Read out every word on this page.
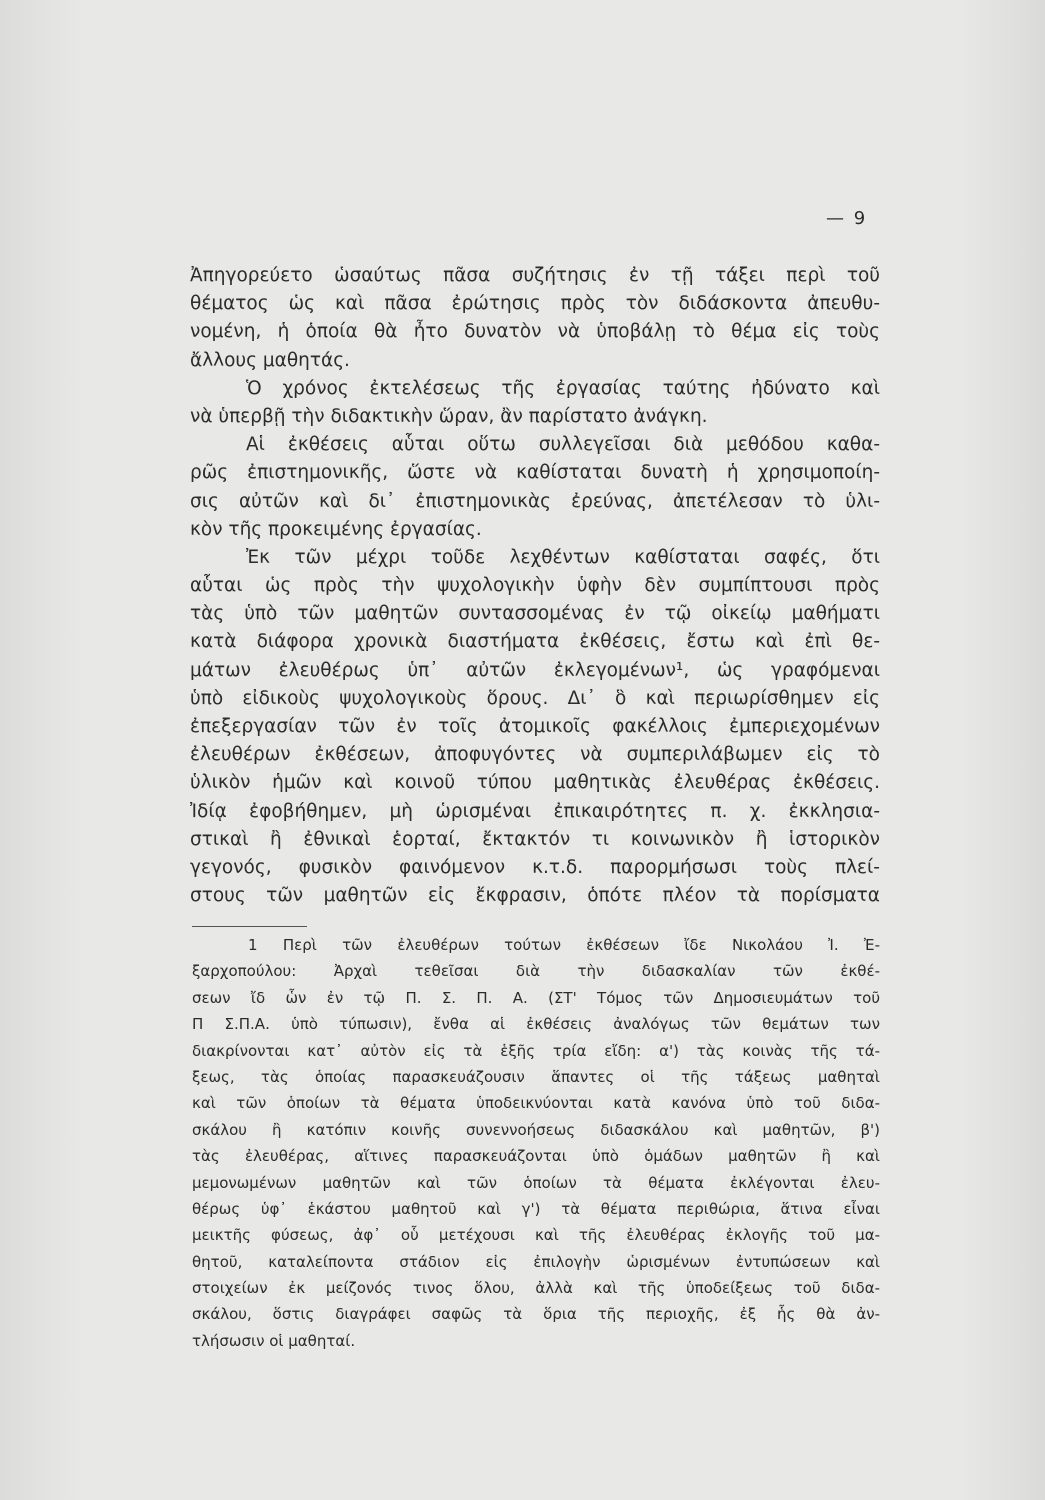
— 9
Ἀπηγορεύετο ὡσαύτως πᾶσα συζήτησις ἐν τῇ τάξει περὶ τοῦ
θέματος ὡς καὶ πᾶσα ἐρώτησις πρὸς τὸν διδάσκοντα ἀπευθυ-
νομένη, ἡ ὁποία θὰ ἦτο δυνατὸν νὰ ὑποβάλῃ τὸ θέμα εἰς τοὺς
ἄλλους μαθητάς.
Ὁ χρόνος ἐκτελέσεως τῆς ἐργασίας ταύτης ἠδύνατο καὶ
νὰ ὑπερβῇ τὴν διδακτικὴν ὥραν, ἂν παρίστατο ἀνάγκη.
Αἱ ἐκθέσεις αὗται οὕτω συλλεγεῖσαι διὰ μεθόδου καθα-
ρῶς ἐπιστημονικῆς, ὥστε νὰ καθίσταται δυνατὴ ἡ χρησιμοποίη-
σις αὐτῶν καὶ δι᾿ ἐπιστημονικὰς ἐρεύνας, ἀπετέλεσαν τὸ ὑλι-
κὸν τῆς προκειμένης ἐργασίας.
Ἐκ τῶν μέχρι τοῦδε λεχθέντων καθίσταται σαφές, ὅτι
αὗται ὡς πρὸς τὴν ψυχολογικὴν ὑφὴν δὲν συμπίπτουσι πρὸς
τὰς ὑπὸ τῶν μαθητῶν συντασσομένας ἐν τῷ οἰκείῳ μαθήματι
κατὰ διάφορα χρονικὰ διαστήματα ἐκθέσεις, ἔστω καὶ ἐπὶ θε-
μάτων ἐλευθέρως ὑπ᾿ αὐτῶν ἐκλεγομένων¹, ὡς γραφόμεναι
ὑπὸ εἰδικοὺς ψυχολογικοὺς ὅρους. Δι᾿ ὃ καὶ περιωρίσθημεν εἰς
ἐπεξεργασίαν τῶν ἐν τοῖς ἀτομικοῖς φακέλλοις ἐμπεριεχομένων
ἐλευθέρων ἐκθέσεων, ἀποφυγόντες νὰ συμπεριλάβωμεν εἰς τὸ
ὑλικὸν ἡμῶν καὶ κοινοῦ τύπου μαθητικὰς ἐλευθέρας ἐκθέσεις.
Ἰδίᾳ ἐφοβήθημεν, μὴ ὡρισμέναι ἐπικαιρότητες π. χ. ἐκκλησια-
στικαὶ ἢ ἐθνικαὶ ἑορταί, ἔκτακτόν τι κοινωνικὸν ἢ ἱστορικὸν
γεγονός, φυσικὸν φαινόμενον κ.τ.δ. παρορμήσωσι τοὺς πλεί-
στους τῶν μαθητῶν εἰς ἔκφρασιν, ὁπότε πλέον τὰ πορίσματα
1 Περὶ τῶν ἐλευθέρων τούτων ἐκθέσεων ἴδε Νικολάου Ἰ. Ἐ-
ξαρχοπούλου: Ἀρχαὶ τεθεῖσαι διὰ τὴν διδασκαλίαν τῶν ἐκθέ-
σεων ἴδ ὧν ἐν τῷ Π. Σ. Π. Α. (ΣΤ' Τόμος τῶν Δημοσιευμάτων τοῦ
Π Σ.Π.Α. ὑπὸ τύπωσιν), ἔνθα αἱ ἐκθέσεις ἀναλόγως τῶν θεμάτων των
διακρίνονται κατ᾿ αὐτὸν εἰς τὰ ἑξῆς τρία εἴδη: α') τὰς κοινὰς τῆς τά-
ξεως, τὰς ὁποίας παρασκευάζουσιν ἅπαντες οἱ τῆς τάξεως μαθηταὶ
καὶ τῶν ὁποίων τὰ θέματα ὑποδεικνύονται κατὰ κανόνα ὑπὸ τοῦ διδα-
σκάλου ἢ κατόπιν κοινῆς συνεννοήσεως διδασκάλου καὶ μαθητῶν, β')
τὰς ἐλευθέρας, αἵτινες παρασκευάζονται ὑπὸ ὁμάδων μαθητῶν ἢ καὶ
μεμονωμένων μαθητῶν καὶ τῶν ὁποίων τὰ θέματα ἐκλέγονται ἐλευ-
θέρως ὑφ᾿ ἑκάστου μαθητοῦ καὶ γ') τὰ θέματα περιθώρια, ἅτινα εἶναι
μεικτῆς φύσεως, ἀφ᾿ οὗ μετέχουσι καὶ τῆς ἐλευθέρας ἐκλογῆς τοῦ μα-
θητοῦ, καταλείποντα στάδιον εἰς ἐπιλογὴν ὡρισμένων ἐντυπώσεων καὶ
στοιχείων ἐκ μείζονός τινος ὅλου, ἀλλὰ καὶ τῆς ὑποδείξεως τοῦ διδα-
σκάλου, ὅστις διαγράφει σαφῶς τὰ ὅρια τῆς περιοχῆς, ἐξ ἧς θὰ ἀν-
τλήσωσιν οἱ μαθηταί.
